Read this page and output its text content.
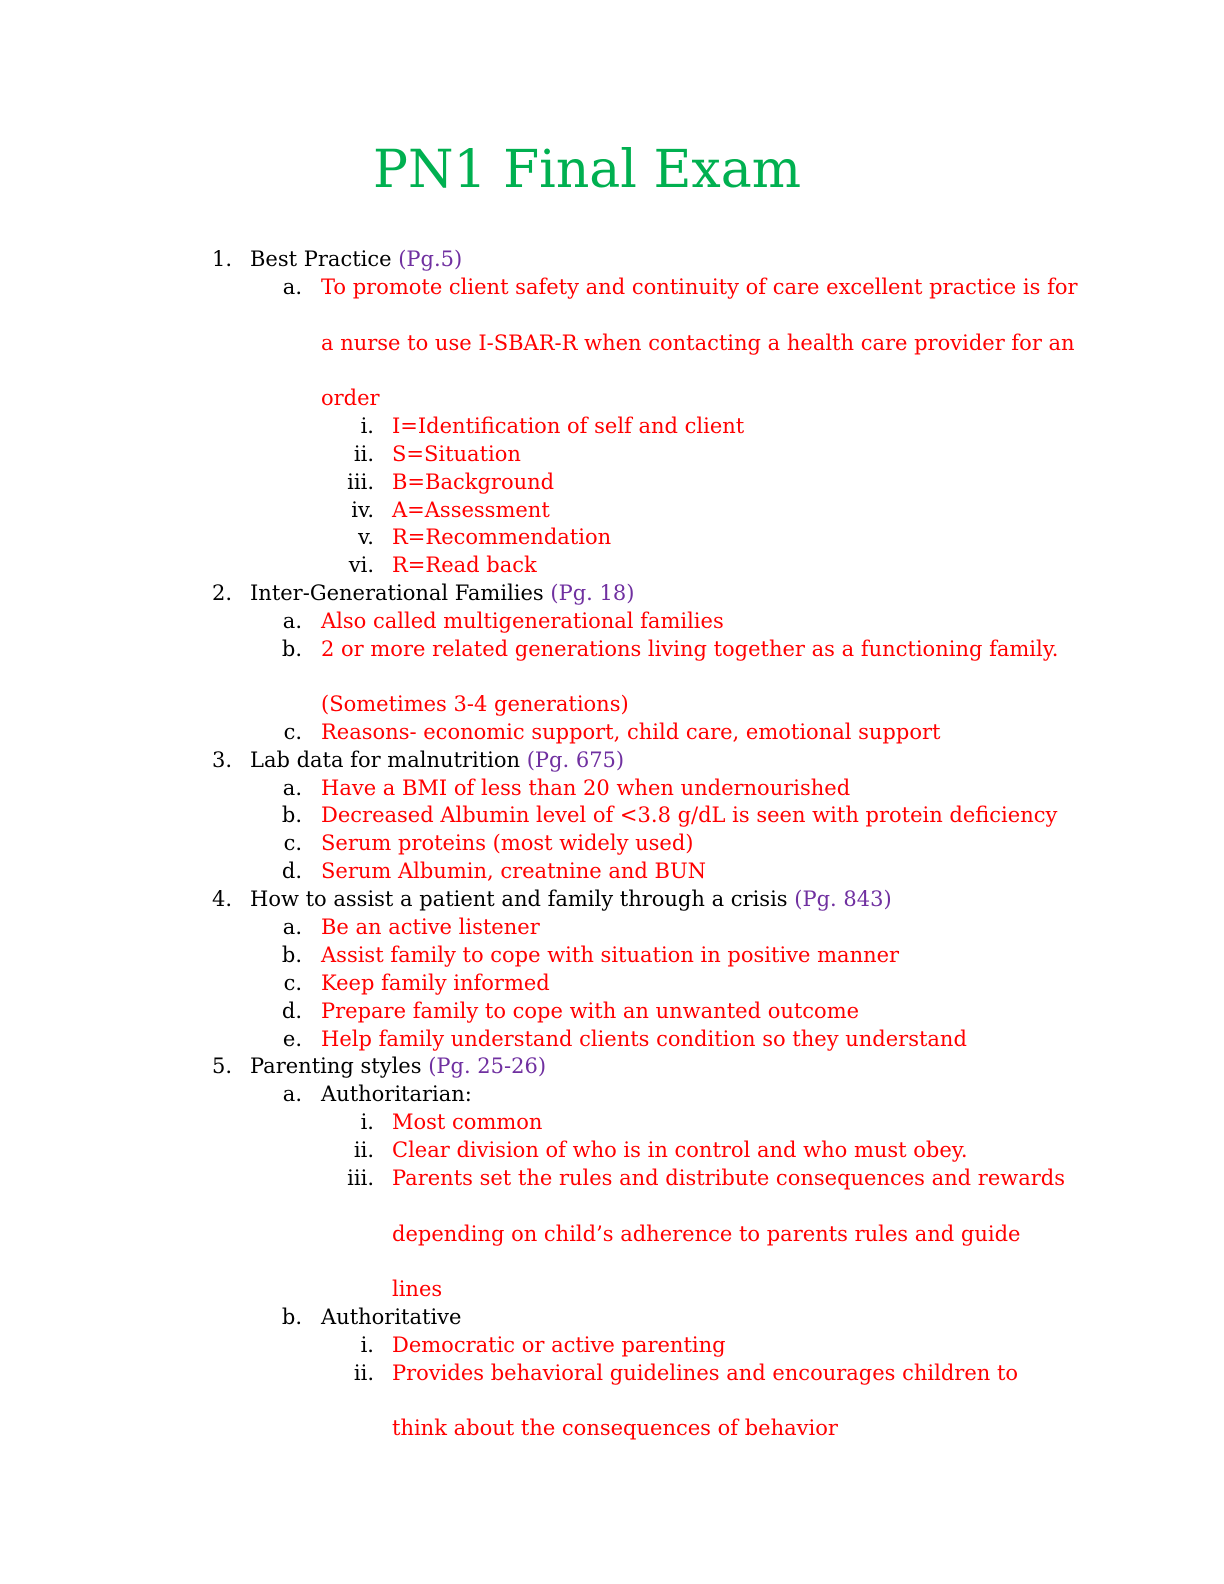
PN1 Final Exam
1. Best Practice (Pg.5)
a. To promote client safety and continuity of care excellent practice is for
a nurse to use I-SBAR-R when contacting a health care provider for an
order
i. I=Identification of self and client
ii. S=Situation
iii. B=Background
iv. A=Assessment
v. R=Recommendation
vi. R=Read back
2. Inter-Generational Families (Pg. 18)
a. Also called multigenerational families
b. 2 or more related generations living together as a functioning family.
(Sometimes 3-4 generations)
c. Reasons- economic support, child care, emotional support
3. Lab data for malnutrition (Pg. 675)
a. Have a BMI of less than 20 when undernourished
b. Decreased Albumin level of <3.8 g/dL is seen with protein deficiency
c. Serum proteins (most widely used)
d. Serum Albumin, creatnine and BUN
4. How to assist a patient and family through a crisis (Pg. 843)
a. Be an active listener
b. Assist family to cope with situation in positive manner
c. Keep family informed
d. Prepare family to cope with an unwanted outcome
e. Help family understand clients condition so they understand
5. Parenting styles (Pg. 25-26)
a. Authoritarian:
i. Most common
ii. Clear division of who is in control and who must obey.
iii. Parents set the rules and distribute consequences and rewards
depending on child’s adherence to parents rules and guide
lines
b. Authoritative
i. Democratic or active parenting
ii. Provides behavioral guidelines and encourages children to
think about the consequences of behavior
